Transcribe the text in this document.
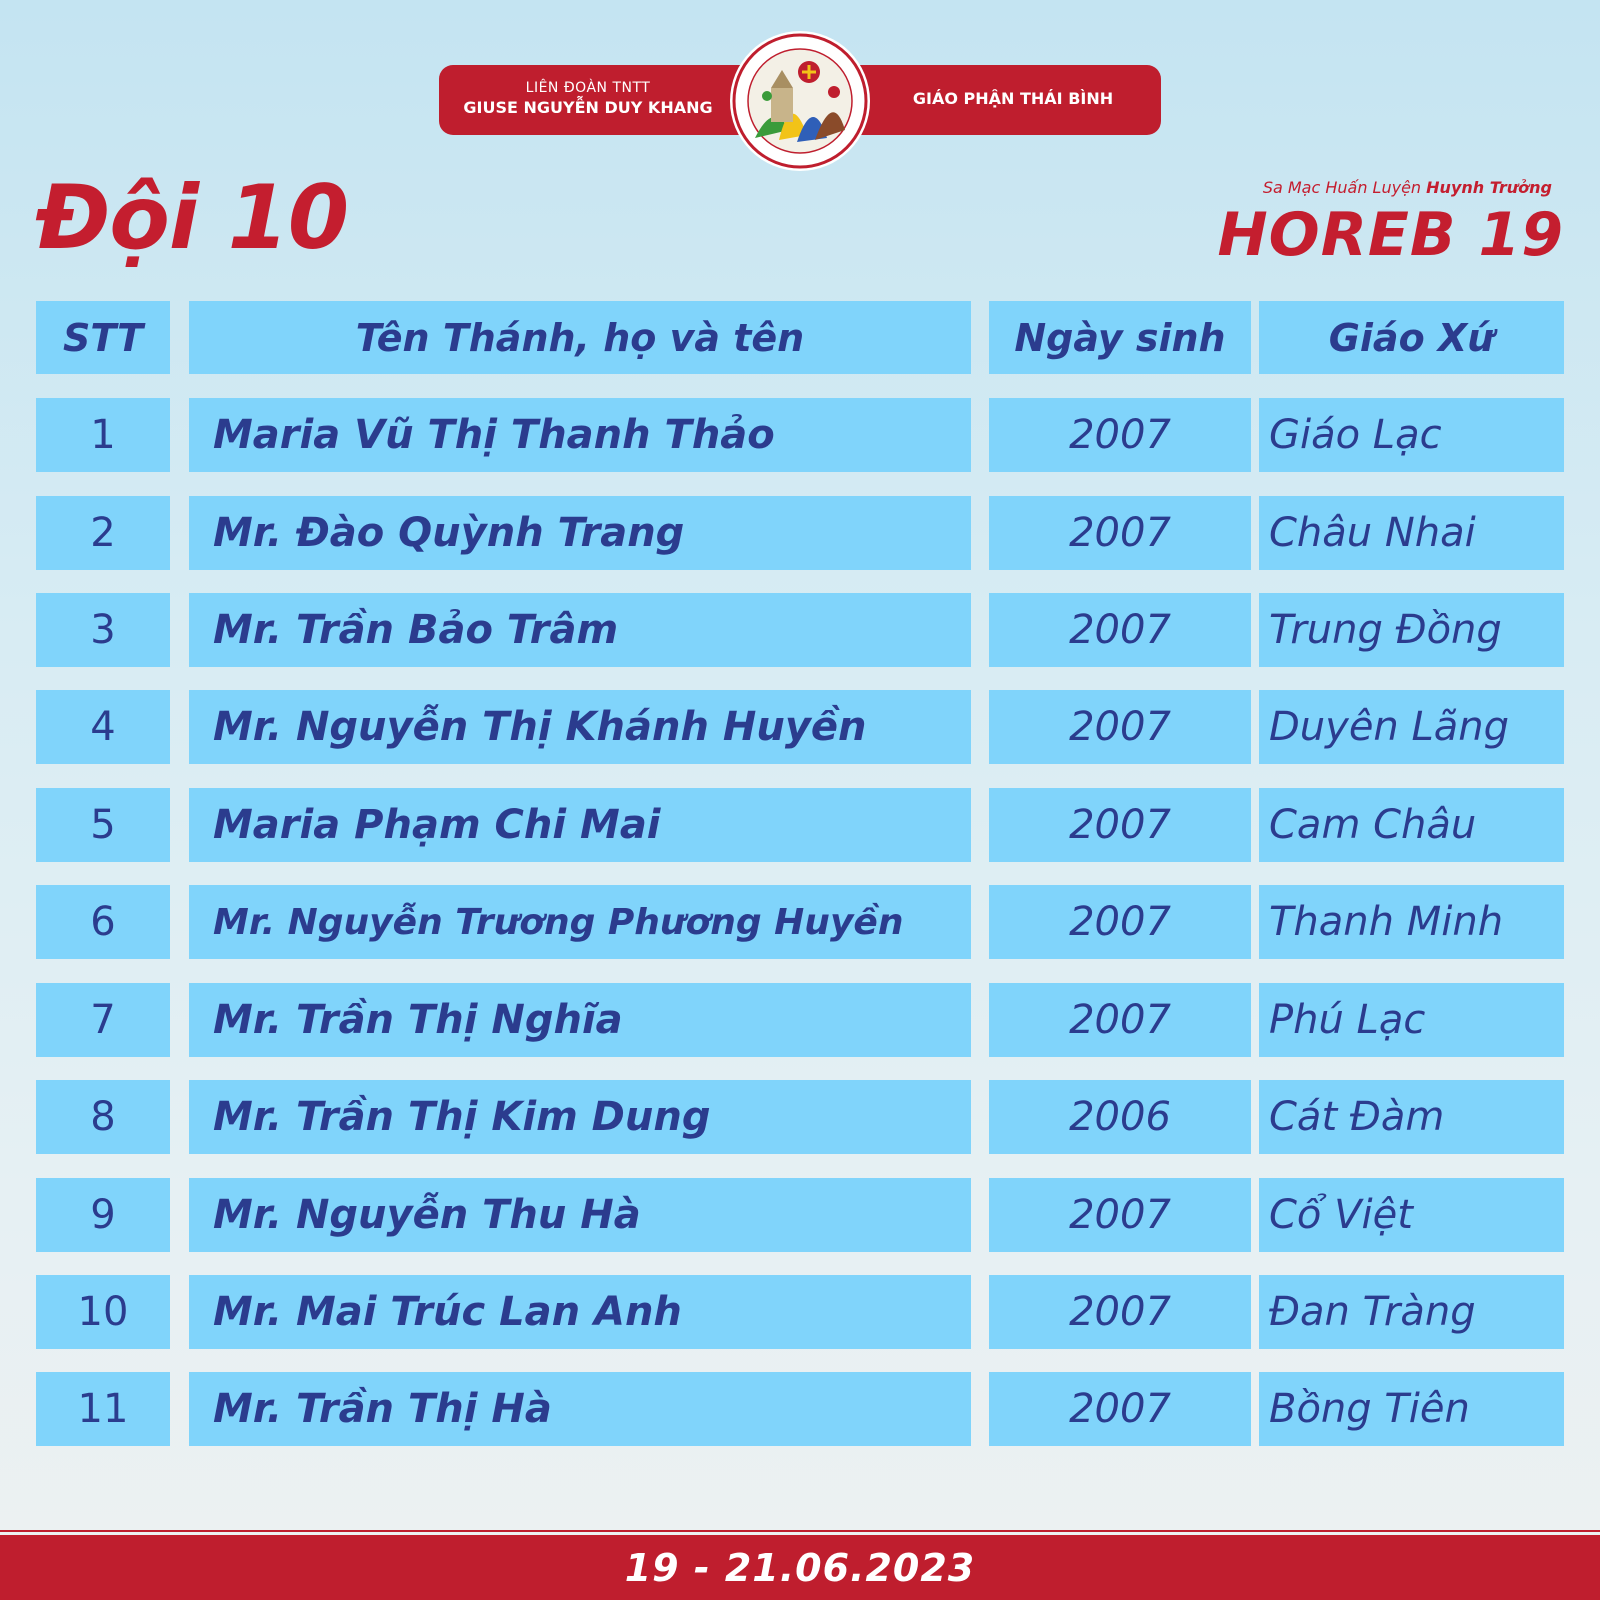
LIÊN ĐOÀN TNTT
GIUSE NGUYỄN DUY KHANG	GIÁO PHẬN THÁI BÌNH
Đội 10	Sa Mạc Huấn Luyện Huynh Trưởng
HOREB 19
STT	Tên Thánh, họ và tên	Ngày sinh	Giáo Xứ
1	Maria Vũ Thị Thanh Thảo	2007	Giáo Lạc
2	Mr. Đào Quỳnh Trang	2007	Châu Nhai
3	Mr. Trần Bảo Trâm	2007	Trung Đồng
4	Mr. Nguyễn Thị Khánh Huyền	2007	Duyên Lãng
5	Maria Phạm Chi Mai	2007	Cam Châu
6	Mr. Nguyễn Trương Phương Huyền	2007	Thanh Minh
7	Mr. Trần Thị Nghĩa	2007	Phú Lạc
8	Mr. Trần Thị Kim Dung	2006	Cát Đàm
9	Mr. Nguyễn Thu Hà	2007	Cổ Việt
10	Mr. Mai Trúc Lan Anh	2007	Đan Tràng
11	Mr. Trần Thị Hà	2007	Bồng Tiên
19 - 21.06.2023
